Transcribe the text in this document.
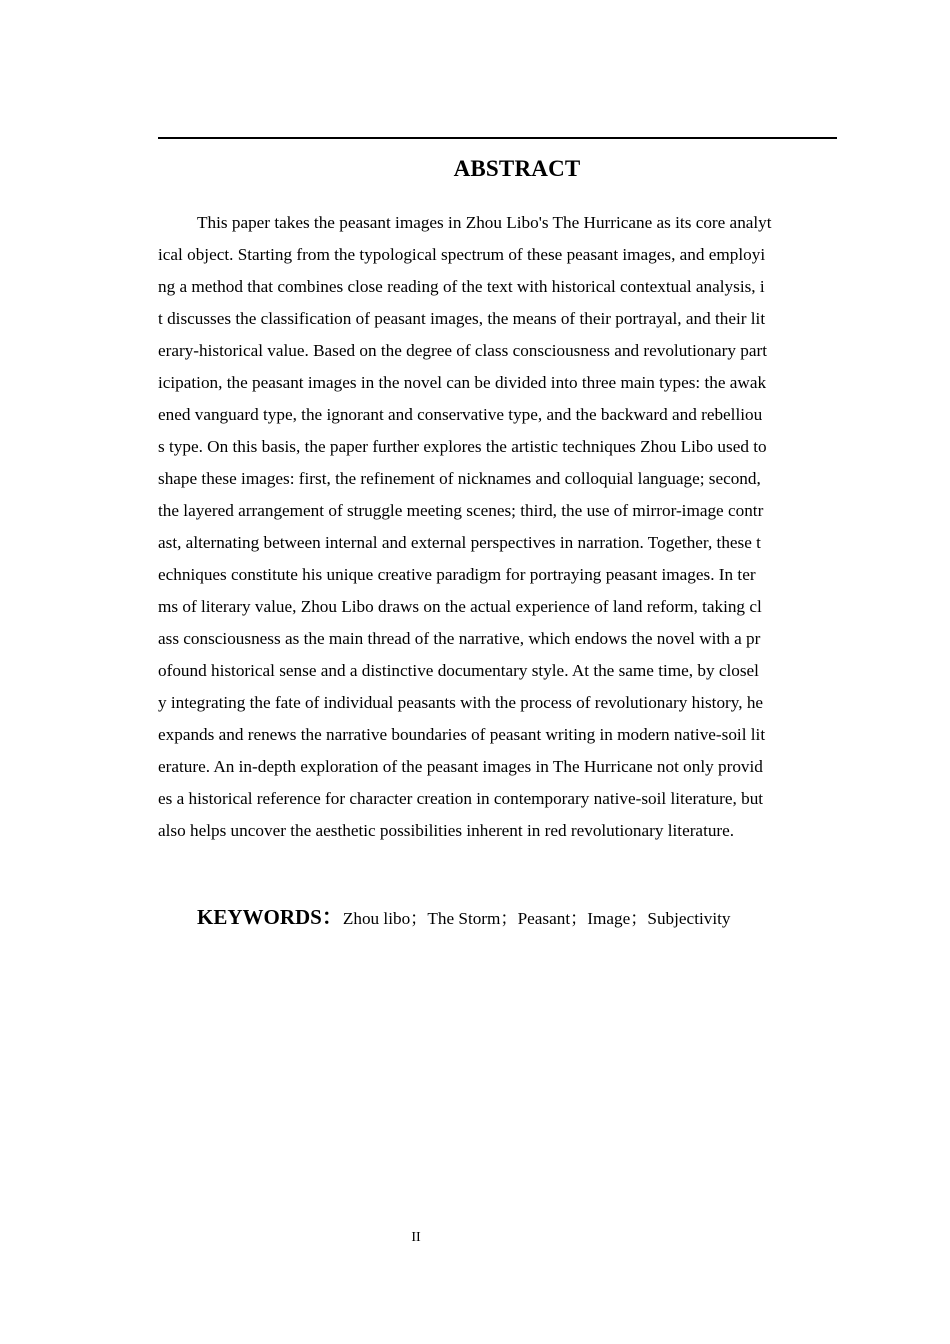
ABSTRACT
This paper takes the peasant images in Zhou Libo's The Hurricane as its core analyt
ical object. Starting from the typological spectrum of these peasant images, and employi
ng a method that combines close reading of the text with historical contextual analysis, i
t discusses the classification of peasant images, the means of their portrayal, and their lit
erary-historical value. Based on the degree of class consciousness and revolutionary part
icipation, the peasant images in the novel can be divided into three main types: the awak
ened vanguard type, the ignorant and conservative type, and the backward and rebelliou
s type. On this basis, the paper further explores the artistic techniques Zhou Libo used to
shape these images: first, the refinement of nicknames and colloquial language; second,
the layered arrangement of struggle meeting scenes; third, the use of mirror-image contr
ast, alternating between internal and external perspectives in narration. Together, these t
echniques constitute his unique creative paradigm for portraying peasant images. In ter
ms of literary value, Zhou Libo draws on the actual experience of land reform, taking cl
ass consciousness as the main thread of the narrative, which endows the novel with a pr
ofound historical sense and a distinctive documentary style. At the same time, by closel
y integrating the fate of individual peasants with the process of revolutionary history, he
expands and renews the narrative boundaries of peasant writing in modern native-soil lit
erature. An in-depth exploration of the peasant images in The Hurricane not only provid
es a historical reference for character creation in contemporary native-soil literature, but
also helps uncover the aesthetic possibilities inherent in red revolutionary literature.
KEYWORDS：Zhou libo；The Storm；Peasant；Image；Subjectivity
II
